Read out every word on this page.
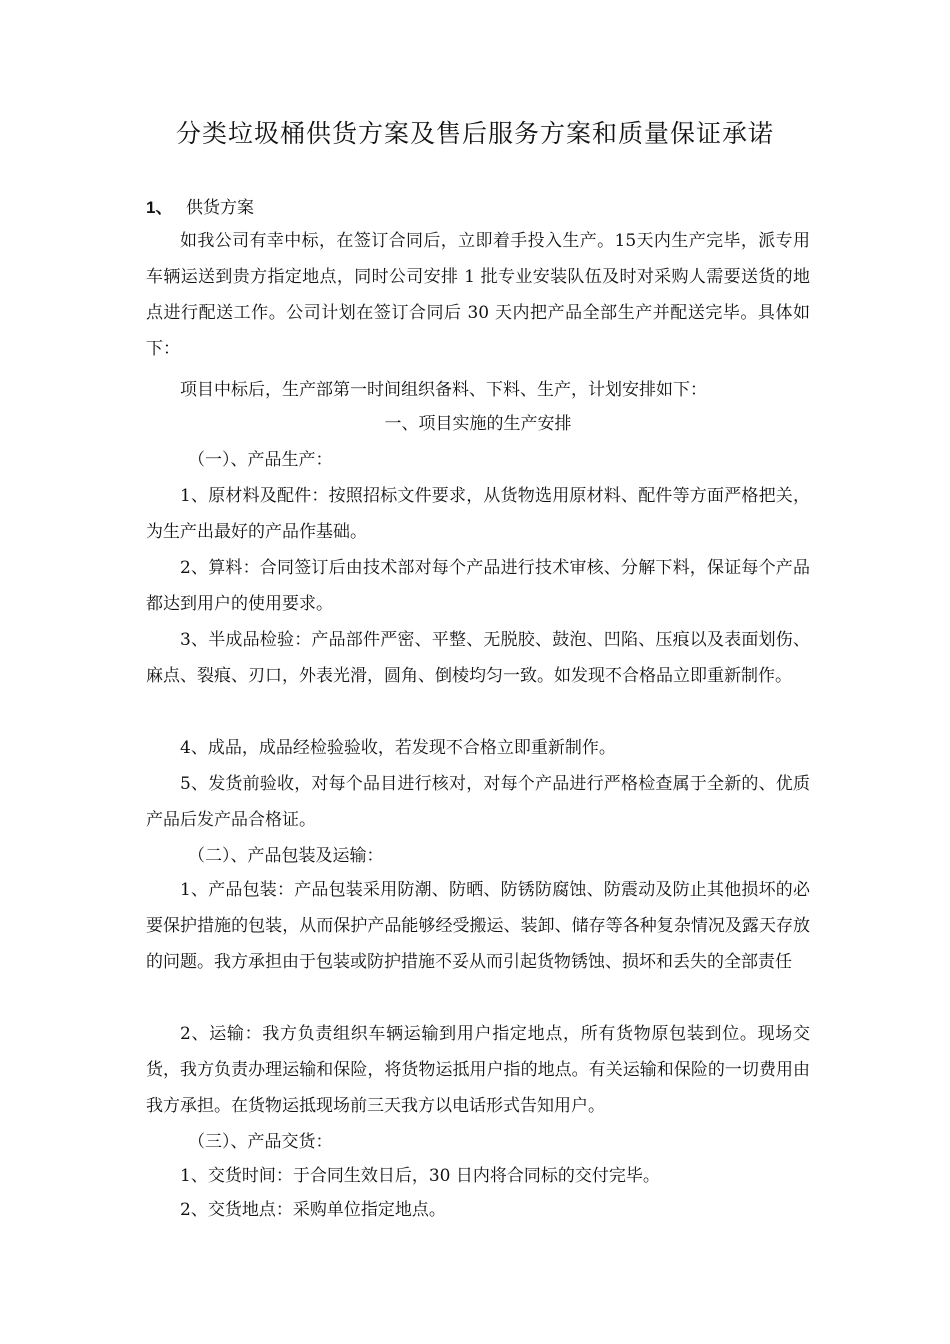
分类垃圾桶供货方案及售后服务方案和质量保证承诺
1、 供货方案
如我公司有幸中标，在签订合同后，立即着手投入生产。15天内生产完毕，派专用车辆运送到贵方指定地点，同时公司安排 1 批专业安装队伍及时对采购人需要送货的地点进行配送工作。公司计划在签订合同后 30 天内把产品全部生产并配送完毕。具体如下：
项目中标后，生产部第一时间组织备料、下料、生产，计划安排如下：
一、项目实施的生产安排
（一）、产品生产：
1、原材料及配件：按照招标文件要求，从货物选用原材料、配件等方面严格把关，为生产出最好的产品作基础。
2、算料：合同签订后由技术部对每个产品进行技术审核、分解下料，保证每个产品都达到用户的使用要求。
3、半成品检验：产品部件严密、平整、无脱胶、鼓泡、凹陷、压痕以及表面划伤、麻点、裂痕、刃口，外表光滑，圆角、倒棱均匀一致。如发现不合格品立即重新制作。
4、成品，成品经检验验收，若发现不合格立即重新制作。
5、发货前验收，对每个品目进行核对，对每个产品进行严格检查属于全新的、优质产品后发产品合格证。
（二）、产品包装及运输：
1、产品包装：产品包装采用防潮、防晒、防锈防腐蚀、防震动及防止其他损坏的必要保护措施的包装，从而保护产品能够经受搬运、装卸、储存等各种复杂情况及露天存放的问题。我方承担由于包装或防护措施不妥从而引起货物锈蚀、损坏和丢失的全部责任
2、运输：我方负责组织车辆运输到用户指定地点，所有货物原包装到位。现场交货，我方负责办理运输和保险，将货物运抵用户指的地点。有关运输和保险的一切费用由我方承担。在货物运抵现场前三天我方以电话形式告知用户。
（三）、产品交货：
1、交货时间：于合同生效日后，30 日内将合同标的交付完毕。
2、交货地点：采购单位指定地点。
